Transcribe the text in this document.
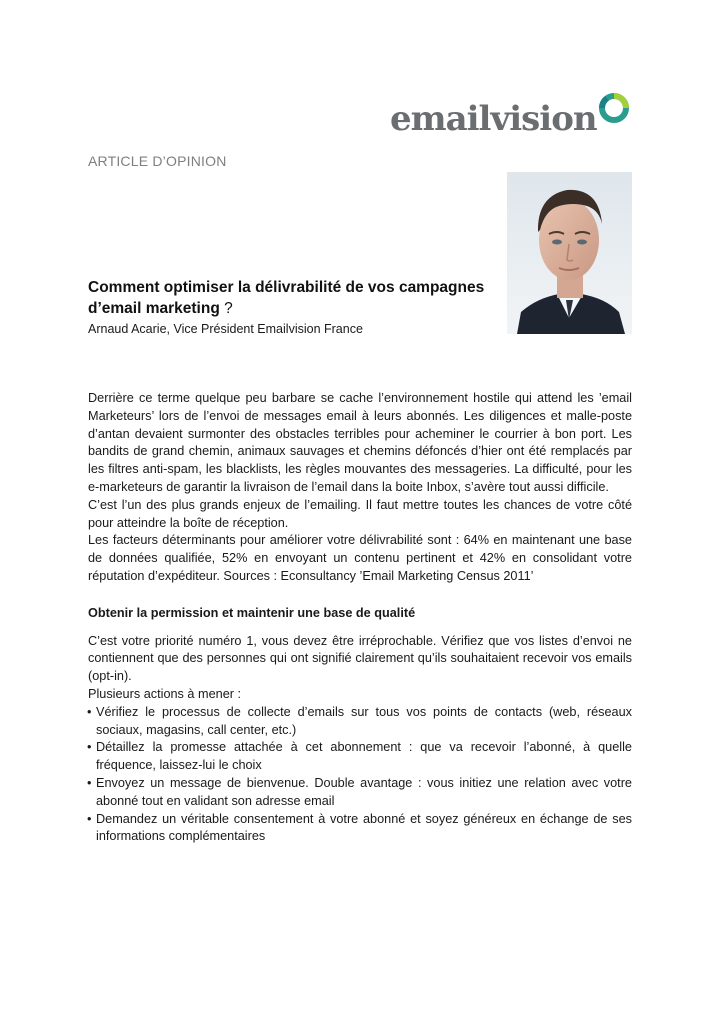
emailvision
ARTICLE D’OPINION
Comment optimiser la délivrabilité de vos campagnes
d’email marketing ?
Arnaud Acarie, Vice Président Emailvision France

Derrière ce terme quelque peu barbare se cache l’environnement hostile qui attend les ’email Marketeurs’ lors de l’envoi de messages email à leurs abonnés. Les diligences et malle-poste d’antan devaient surmonter des obstacles terribles pour acheminer le courrier à bon port. Les bandits de grand chemin, animaux sauvages et chemins défoncés d’hier ont été remplacés par les filtres anti-spam, les blacklists, les règles mouvantes des messageries. La difficulté, pour les e-marketeurs de garantir la livraison de l’email dans la boite Inbox, s’avère tout aussi difficile.

C’est l’un des plus grands enjeux de l’emailing. Il faut mettre toutes les chances de votre côté pour atteindre la boîte de réception.

Les facteurs déterminants pour améliorer votre délivrabilité sont : 64% en maintenant une base de données qualifiée, 52% en envoyant un contenu pertinent et 42% en consolidant votre réputation d’expéditeur. Sources : Econsultancy ’Email Marketing Census 2011’

Obtenir la permission et maintenir une base de qualité

C’est votre priorité numéro 1, vous devez être irréprochable. Vérifiez que vos listes d’envoi ne contiennent que des personnes qui ont signifié clairement qu’ils souhaitaient recevoir vos emails (opt-in).

Plusieurs actions à mener :

• Vérifiez le processus de collecte d’emails sur tous vos points de contacts (web, réseaux sociaux, magasins, call center, etc.)
• Détaillez la promesse attachée à cet abonnement : que va recevoir l’abonné, à quelle fréquence, laissez-lui le choix
• Envoyez un message de bienvenue. Double avantage : vous initiez une relation avec votre abonné tout en validant son adresse email
• Demandez un véritable consentement à votre abonné et soyez généreux en échange de ses informations complémentaires
